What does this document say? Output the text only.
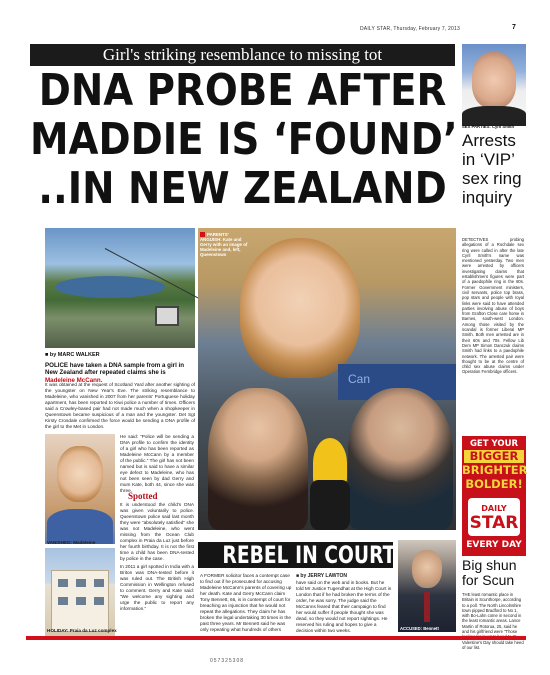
DAILY STAR, Thursday, February 7, 2013	7
Girl's striking resemblance to missing tot
DNA PROBE AFTER
MADDIE IS ‘FOUND’
..IN NEW ZEALAND
Can
PARENTS' ANGUISH: Kate and Gerry with an image of Madeleine and, left, Queenstown
■ by MARC WALKER
POLICE have taken a DNA sample from a girl in New Zealand after repeated claims she is Madeleine McCann.
It was obtained at the request of Scotland Yard after another sighting of the youngster on New Year's Eve. The striking resemblance to Madeleine, who vanished in 2007 from her parents' Portuguese holiday apartment, has been reported to Kiwi police a number of times. Officers said a Crowley-based pair had not made much when a shopkeeper in Queenstown became suspicious of a man and the youngster. Det Sgt Kirsty Crosdale confirmed the force would be sending a DNA profile of the girl to the Met in London.
VANISHED: Madeleine
He said: “Police will be sending a DNA profile to confirm the identity of a girl who has been reported as Madeleine McCann by a member of the public.” The girl has not been named but is said to have a similar eye defect to Madeleine, who has not been seen by dad Gerry and mum Kate, both 44, since she was three.
Spotted
It is understood the child's DNA was given voluntarily to police. Queenstown police said last month they were “absolutely satisfied” she was not Madeleine, who went missing from the Ocean Club complex in Praia da Luz just before her fourth birthday. It is not the first time a child has been DNA-tested by police in the case.
HOLIDAY: Praia da Luz complex
In 2011 a girl spotted in India with a Briton was DNA-tested before it was ruled out. The British High Commission in Wellington refused to comment. Gerry and Kate said: “We welcome any sighting and urge the public to report any information.”
REBEL IN COURT
A FORMER solicitor faces a contempt case to find out if he prosecuted for accusing Madeleine McCann's parents of covering up her death. Kate and Gerry McCann claim Tony Bennett, 66, is in contempt of court for breaching an injunction that he would not repeat the allegations. They claim he has broken the legal undertaking 30 times in the past three years. Mr Bennett said he was only repeating what hundreds of others
■ by JERRY LAWTON
have said on the web and in books. But he told Mr Justice Tugendhat at the High Court in London that if he had broken the terms of the order, he was sorry. The judge said the McCanns feared that their campaign to find her would suffer if people thought she was dead, so they would not report sightings. He reserved his ruling and hopes to give a decision within two weeks.	ACCUSED: Bennett
SEX PARTIES: Cyril Smith
Arrests
in ‘VIP’
sex ring
inquiry
DETECTIVES probing allegations of a Rochdale sex ring were called in after the late Cyril Smith's name was mentioned yesterday. Two men were arrested by officers investigating claims that establishment figures were part of a paedophile ring in the 80s. Former Government ministers, civil servants, police top brass, pop stars and people with royal links were said to have attended parties involving abuse of boys from Grafton Close care home in Barnes, south-west London. Among those visited by the scandal is former Liberal MP Smith. Both men arrested are in their 60s and 70s. Fellow Lib Dem MP Simon Danczuk claims Smith had links to a paedophile network. The arrested pair were thought to be at the centre of child sex abuse claims under Operation Fernbridge officers.
GET YOUR
BIGGER
BRIGHTER
BOLDER!
DAILY
STAR
EVERY DAY
Big shun
for Scun
THE least romantic place in Britain is Scunthorpe, according to a poll. The North Lincolnshire town pipped Bradford to No 1, with Bo-Lahn come in second in the least romantic areas. Lance Martin of Rotorua, 25, said he and his girlfriend were “Those Valentine's Day should take heed of our list.
057325308
